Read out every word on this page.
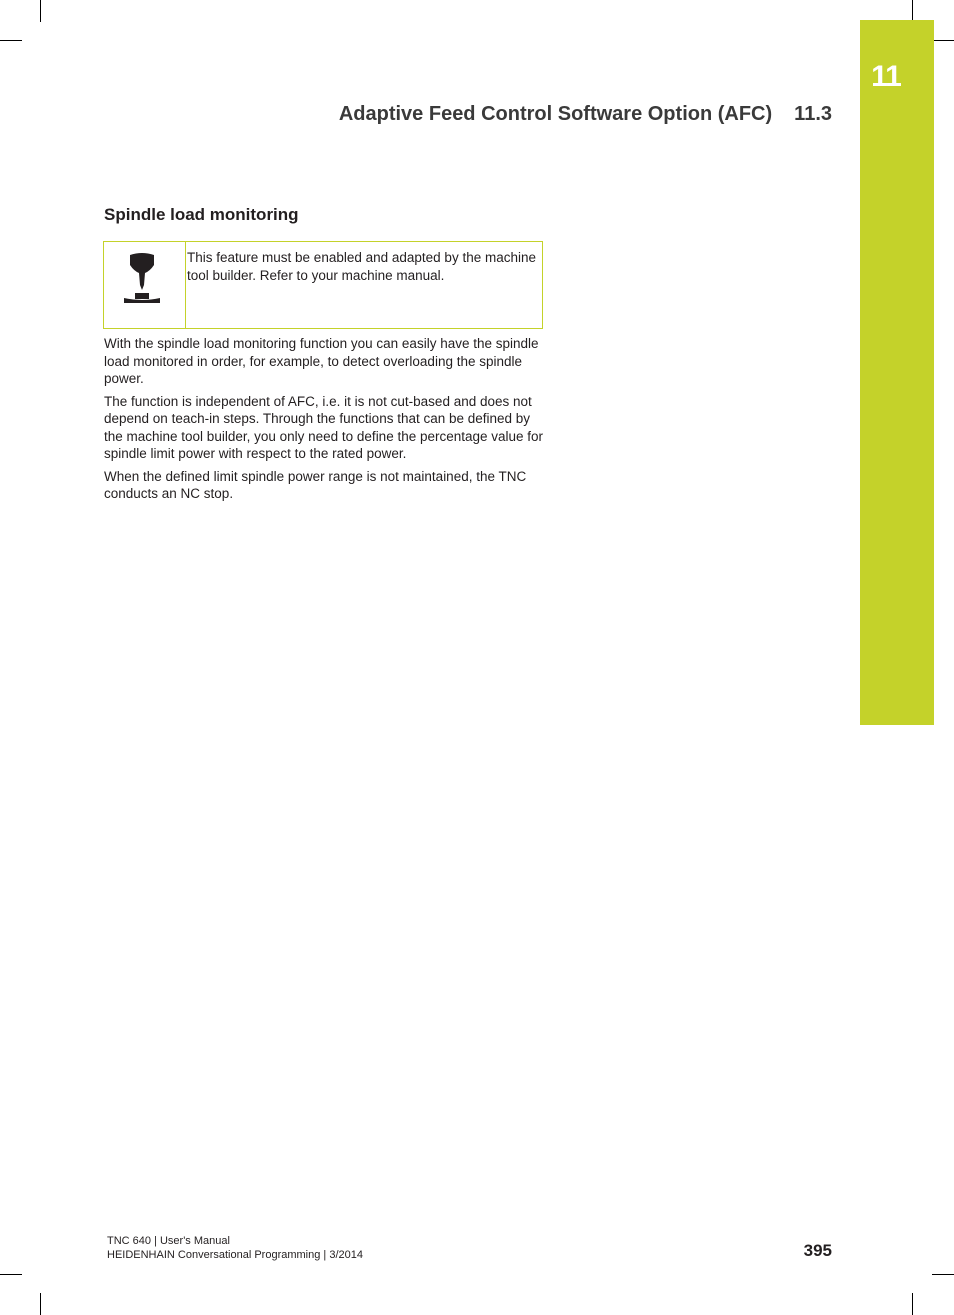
11
Adaptive Feed Control Software Option (AFC) 11.3
Spindle load monitoring
This feature must be enabled and adapted by the machine tool builder. Refer to your machine manual.

With the spindle load monitoring function you can easily have the spindle load monitored in order, for example, to detect overloading the spindle power.

The function is independent of AFC, i.e. it is not cut-based and does not depend on teach-in steps. Through the functions that can be defined by the machine tool builder, you only need to define the percentage value for spindle limit power with respect to the rated power.

When the defined limit spindle power range is not maintained, the TNC conducts an NC stop.

TNC 640 | User's Manual
HEIDENHAIN Conversational Programming | 3/2014	395
